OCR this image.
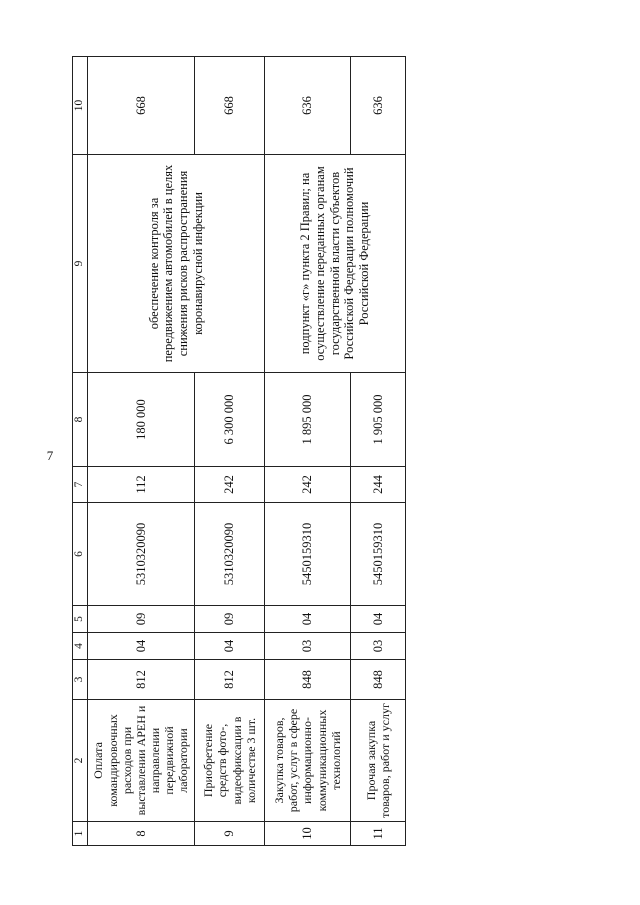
7
1	2	3	4	5	6	7	8	9	10
8	Оплата командировочных расходов при выставлении АРЕН и направлении передвижной лаборатории	812	04	09	5310320090	112	180 000	обеспечение контроля за передвижением автомобилей в целях снижения рисков распространения коронавирусной инфекции	668
9	Приобретение средств фото-, видеофиксации в количестве 3 шт.	812	04	09	5310320090	242	6 300 000		668
10	Закупка товаров, работ, услуг в сфере информационно-коммуникационных технологий	848	03	04	5450159310	242	1 895 000	подпункт «г» пункта 2 Правил; на осуществление переданных органам государственной власти субъектов Российской Федерации полномочий Российской Федерации	636
11	Прочая закупка товаров, работ и услуг	848	03	04	5450159310	244	1 905 000		636
